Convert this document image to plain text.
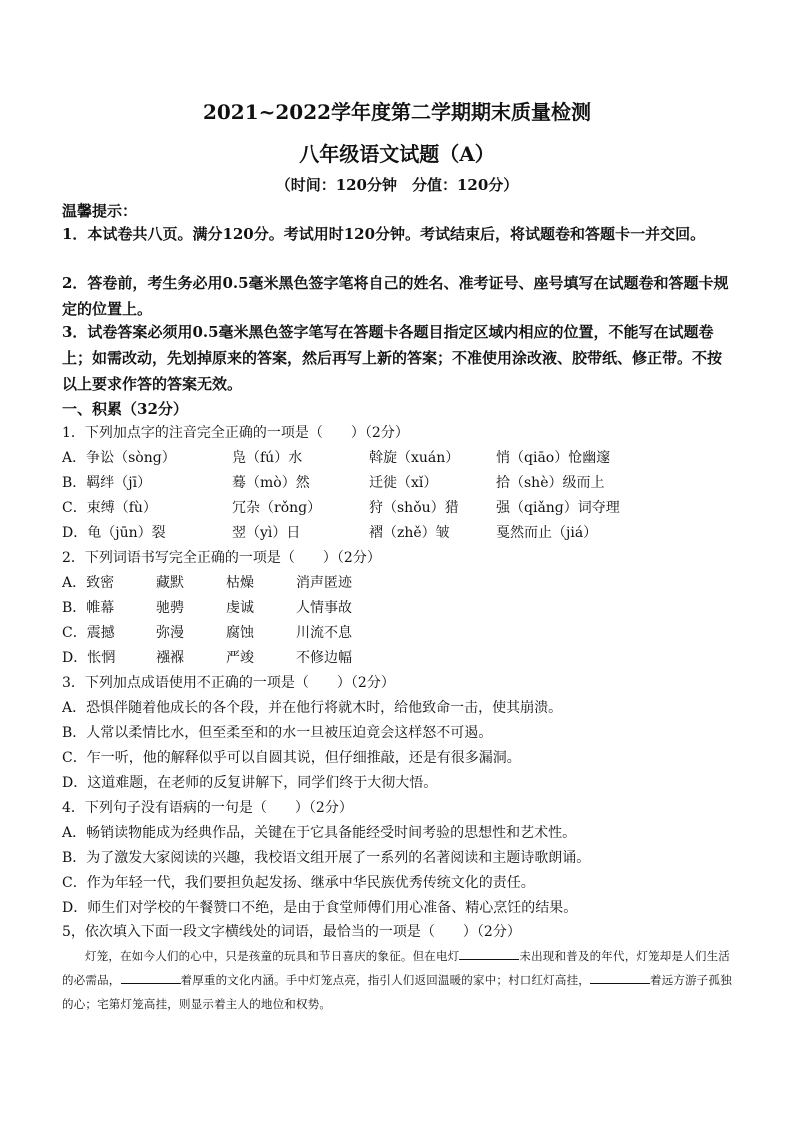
2021~2022学年度第二学期期末质量检测
八年级语文试题（A）
（时间：120分钟　分值：120分）
温馨提示：
1．本试卷共八页。满分120分。考试用时120分钟。考试结束后，将试题卷和答题卡一并交回。
2．答卷前，考生务必用0.5毫米黑色签字笔将自己的姓名、准考证号、座号填写在试题卷和答题卡规定的位置上。
3．试卷答案必须用0.5毫米黑色签字笔写在答题卡各题目指定区域内相应的位置，不能写在试题卷上；如需改动，先划掉原来的答案，然后再写上新的答案；不准使用涂改液、胶带纸、修正带。不按以上要求作答的答案无效。
一、积累（32分）
1．下列加点字的注音完全正确的一项是（　　）（2分）
A．争讼（sònɡ）	凫（fú）水	斡旋（xuán）	悄（qiāo）怆幽邃
B．羁绊（jī）	蓦（mò）然	迁徙（xǐ）	拾（shè）级而上
C．束缚（fù）	冗杂（rǒnɡ）	狩（shǒu）猎	强（qiǎnɡ）词夺理
D．龟（jūn）裂	翌（yì）日	褶（zhě）皱	戛然而止（jiá）
2．下列词语书写完全正确的一项是（　　）（2分）
A．致密	藏默	枯燥	消声匿迹
B．帷幕	驰骋	虔诚	人情事故
C．震撼	弥漫	腐蚀	川流不息
D．怅惘	襁褓	严竣	不修边幅
3．下列加点成语使用不正确的一项是（　　）（2分）
A．恐惧伴随着他成长的各个段，并在他行将就木时，给他致命一击，使其崩溃。
B．人常以柔情比水，但至柔至和的水一旦被压迫竟会这样怒不可遏。
C．乍一听，他的解释似乎可以自圆其说，但仔细推敲，还是有很多漏洞。
D．这道难题，在老师的反复讲解下，同学们终于大彻大悟。
4．下列句子没有语病的一句是（　　）（2分）
A．畅销读物能成为经典作品，关键在于它具备能经受时间考验的思想性和艺术性。
B．为了激发大家阅读的兴趣，我校语文组开展了一系列的名著阅读和主题诗歌朗诵。
C．作为年轻一代，我们要担负起发扬、继承中华民族优秀传统文化的责任。
D．师生们对学校的午餐赞口不绝，是由于食堂师傅们用心准备、精心烹饪的结果。
5，依次填入下面一段文字横线处的词语，最恰当的一项是（　　）（2分）
灯笼，在如今人们的心中，只是孩童的玩具和节日喜庆的象征。但在电灯	未出现和普及的年代，灯笼却是人们生活的必需品，	着厚重的文化内涵。手中灯笼点亮，指引人们返回温暖的家中；村口红灯高挂，	着远方游子孤独的心；宅第灯笼高挂，则显示着主人的地位和权势。
